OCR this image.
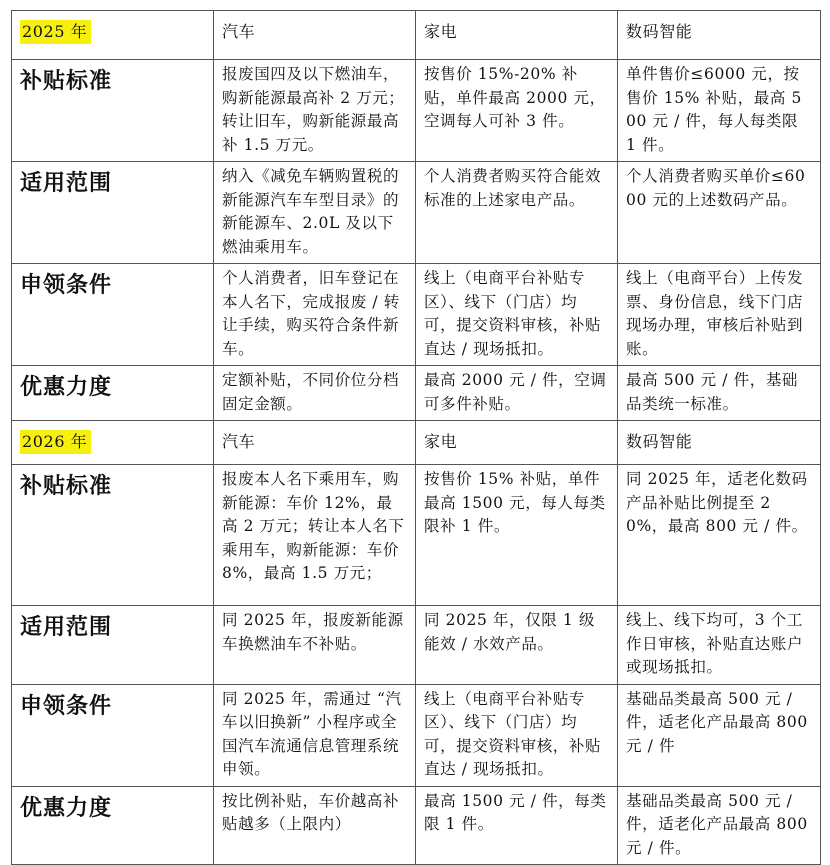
2025 年	汽车	家电	数码智能
补贴标准	报废国四及以下燃油车，购新能源最高补 2 万元；转让旧车，购新能源最高补 1.5 万元。	按售价 15%-20% 补贴，单件最高 2000 元，空调每人可补 3 件。	单件售价≤6000 元，按售价 15% 补贴，最高 500 元 / 件，每人每类限 1 件。
适用范围	纳入《减免车辆购置税的新能源汽车车型目录》的新能源车、2.0L 及以下燃油乘用车。	个人消费者购买符合能效标准的上述家电产品。	个人消费者购买单价≤6000 元的上述数码产品。
申领条件	个人消费者，旧车登记在本人名下，完成报废 / 转让手续，购买符合条件新车。	线上（电商平台补贴专区）、线下（门店）均可，提交资料审核，补贴直达 / 现场抵扣。	线上（电商平台）上传发票、身份信息，线下门店现场办理，审核后补贴到账。
优惠力度	定额补贴，不同价位分档固定金额。	最高 2000 元 / 件，空调可多件补贴。	最高 500 元 / 件，基础品类统一标准。
2026 年	汽车	家电	数码智能
补贴标准	报废本人名下乘用车，购新能源：车价 12%，最高 2 万元；转让本人名下乘用车，购新能源：车价 8%，最高 1.5 万元；	按售价 15% 补贴，单件最高 1500 元，每人每类限补 1 件。	同 2025 年，适老化数码产品补贴比例提至 20%，最高 800 元 / 件。
适用范围	同 2025 年，报废新能源车换燃油车不补贴。	同 2025 年，仅限 1 级能效 / 水效产品。	线上、线下均可，3 个工作日审核，补贴直达账户或现场抵扣。
申领条件	同 2025 年，需通过 “汽车以旧换新” 小程序或全国汽车流通信息管理系统申领。	线上（电商平台补贴专区）、线下（门店）均可，提交资料审核，补贴直达 / 现场抵扣。	基础品类最高 500 元 / 件，适老化产品最高 800 元 / 件
优惠力度	按比例补贴，车价越高补贴越多（上限内）	最高 1500 元 / 件，每类限 1 件。	基础品类最高 500 元 / 件，适老化产品最高 800 元 / 件。
